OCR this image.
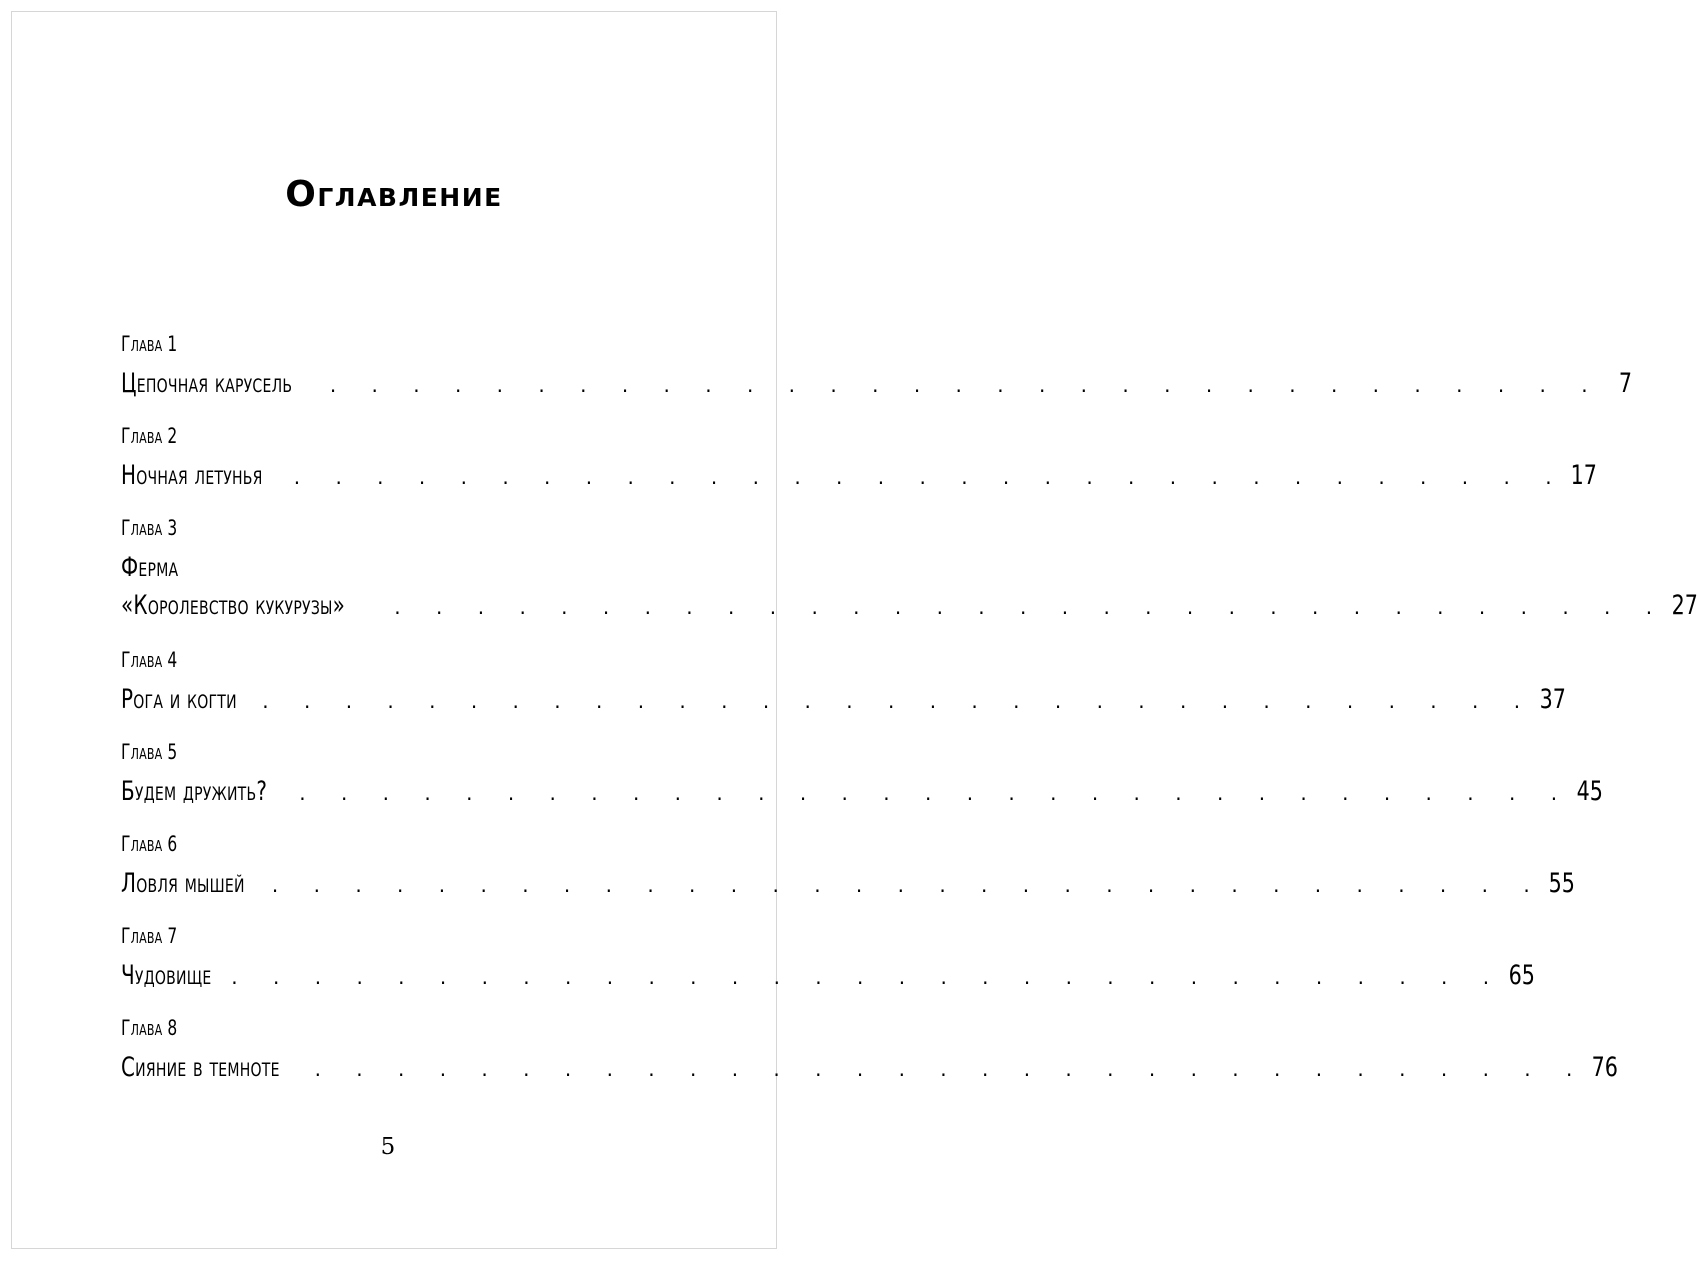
Оглавление
Глава 1
Цепочная карусель . . . . . . . . . . . . . . . . . . . . . . . . . . . . . . . 7
Глава 2
Ночная летунья . . . . . . . . . . . . . . . . . . . . . . . . . . . . . . . 17
Глава 3
Ферма
«Королевство кукурузы» . . . . . . . . . . . . . . . . . . . . . . . . . . . . . . . 27
Глава 4
Рога и когти . . . . . . . . . . . . . . . . . . . . . . . . . . . . . . . 37
Глава 5
Будем дружить? . . . . . . . . . . . . . . . . . . . . . . . . . . . . . . . 45
Глава 6
Ловля мышей . . . . . . . . . . . . . . . . . . . . . . . . . . . . . . . 55
Глава 7
Чудовище . . . . . . . . . . . . . . . . . . . . . . . . . . . . . . . 65
Глава 8
Сияние в темноте . . . . . . . . . . . . . . . . . . . . . . . . . . . . . . . 76
5
